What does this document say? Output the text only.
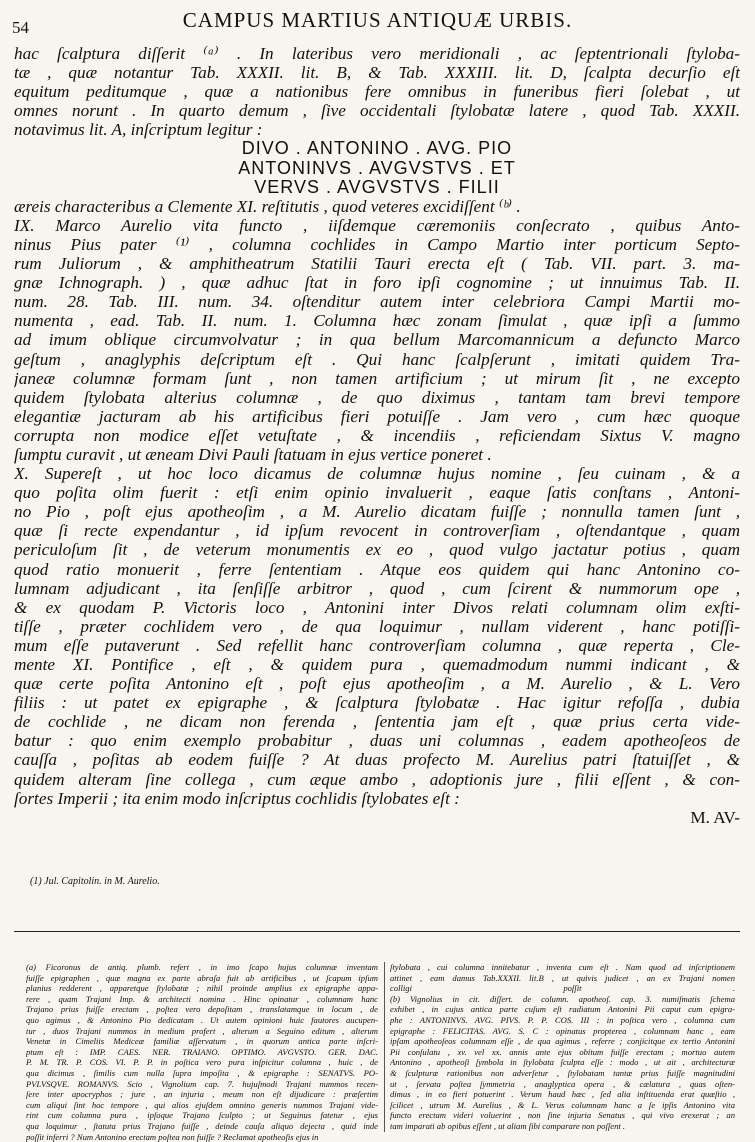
54	CAMPUS MARTIUS ANTIQUÆ URBIS.
hac ſcalptura diſſerit ⁽ᵃ⁾ . In lateribus vero meridionali , ac ſeptentrionali ſtyloba-
tæ , quæ notantur Tab. XXXII. lit. B, & Tab. XXXIII. lit. D, ſcalpta decurſio eſt
equitum peditumque , quæ a nationibus fere omnibus in funeribus fieri ſolebat , ut
omnes norunt . In quarto demum , ſive occidentali ſtylobatæ latere , quod Tab. XXXII.
notavimus lit. A, inſcriptum legitur :
DIVO . ANTONINO . AVG. PIO
ANTONINVS . AVGVSTVS . ET
VERVS . AVGVSTVS . FILII
æreis characteribus a Clemente XI. reſtitutis , quod veteres excidiſſent ⁽ᵇ⁾ .
IX. Marco Aurelio vita functo , iiſdemque cæremoniis conſecrato , quibus Anto-
ninus Pius pater ⁽¹⁾ , columna cochlides in Campo Martio inter porticum Septo-
rum Juliorum , & amphitheatrum Statilii Tauri erecta eſt ( Tab. VII. part. 3. ma-
gnæ Ichnograph. ) , quæ adhuc ſtat in foro ipſi cognomine ; ut innuimus Tab. II.
num. 28. Tab. III. num. 34. oſtenditur autem inter celebriora Campi Martii mo-
numenta , ead. Tab. II. num. 1. Columna hæc zonam ſimulat , quæ ipſi a ſummo
ad imum oblique circumvolvatur ; in qua bellum Marcomannicum a defuncto Marco
geſtum , anaglyphis deſcriptum eſt . Qui hanc ſcalpſerunt , imitati quidem Tra-
janeæ columnæ formam ſunt , non tamen artificium ; ut mirum ſit , ne excepto
quidem ſtylobata alterius columnæ , de quo diximus , tantam tam brevi tempore
elegantiæ jacturam ab his artificibus fieri potuiſſe . Jam vero , cum hæc quoque
corrupta non modice eſſet vetuſtate , & incendiis , reficiendam Sixtus V. magno
ſumptu curavit , ut æneam Divi Pauli ſtatuam in ejus vertice poneret .
X. Supereſt , ut hoc loco dicamus de columnæ hujus nomine , ſeu cuinam , & a
quo poſita olim fuerit : etſi enim opinio invaluerit , eaque ſatis conſtans , Antoni-
no Pio , poſt ejus apotheoſim , a M. Aurelio dicatam fuiſſe ; nonnulla tamen ſunt ,
quæ ſi recte expendantur , id ipſum revocent in controverſiam , oſtendantque , quam
periculoſum ſit , de veterum monumentis ex eo , quod vulgo jactatur potius , quam
quod ratio monuerit , ferre ſententiam . Atque eos quidem qui hanc Antonino co-
lumnam adjudicant , ita ſenſiſſe arbitror , quod , cum ſcirent & nummorum ope ,
& ex quodam P. Victoris loco , Antonini inter Divos relati columnam olim exſti-
tiſſe , præter cochlidem vero , de qua loquimur , nullam viderent , hanc potiſſi-
mum eſſe putaverunt . Sed refellit hanc controverſiam columna , quæ reperta , Cle-
mente XI. Pontifice , eſt , & quidem pura , quemadmodum nummi indicant , &
quæ certe poſita Antonino eſt , poſt ejus apotheoſim , a M. Aurelio , & L. Vero
filiis : ut patet ex epigraphe , & ſcalptura ſtylobatæ . Hac igitur refoſſa , dubia
de cochlide , ne dicam non ferenda , ſententia jam eſt , quæ prius certa vide-
batur : quo enim exemplo probabitur , duas uni columnas , eadem apotheoſeos de
cauſſa , poſitas ab eodem fuiſſe ? At duas profecto M. Aurelius patri ſtatuiſſet , &
quidem alteram ſine collega , cum æque ambo , adoptionis jure , filii eſſent , & con-
ſortes Imperii ; ita enim modo inſcriptus cochlidis ſtylobates eſt :
M. AV-
(1) Jul. Capitolin. in M. Aurelio.
(a) Ficoronus de antiq. plumb. refert , in imo ſcapo hujus columnæ inventam
fuiſſe epigraphen , quæ magna ex parte abraſa fuit ab artificibus , ut ſcapum ipſum
planius redderent , apparetque ſtylobatæ ; nihil proinde amplius ex epigraphe appa-
rere , quam Trajani Imp. & architecti nomina . Hinc opinatur , columnam hanc
Trajano prius fuiſſe erectam , poſtea vero depoſitam , translatamque in locum , de
quo agimus , & Antonino Pio dedicatam . Ut autem opinioni huic fautores aucupen-
tur , duos Trajani nummos in medium profert , alterum a Seguino editum , alterum
Venetæ in Cimeliis Mediceæ familiæ aſſervatum , in quorum antica parte inſcri-
ptum eſt : IMP. CAES. NER. TRAIANO. OPTIMO. AVGVSTO. GER. DAC.
P. M. TR. P. COS. VI. P. P. in poſtica vero pura inſpicitur columna , huic , de
qua dicimus , ſimilis cum nulla ſupra impoſita , & epigraphe : SENATVS. PO-
PVLVSQVE. ROMANVS. Scio , Vignolium cap. 7. hujuſmodi Trajani nummos recen-
ſere inter apocryphos ; jure , an injuria , meum non eſt dijudicare : præſertim
cum aliqui ſint hoc tempore , qui alios ejuſdem omnino generis nummos Trajani vide-
rint cum columna pura , ipſoque Trajano ſculpto ; ut Seguinus fatetur , ejus
qua loquimur , ſtatuta prius Trajano fuiſſe , deinde cauſa aliquo dejecta , quid inde
poſſit inferri ? Num Antonino erectam poſtea non fuiſſe ? Reclamat apotheoſis ejus in
ſtylobata , cui columna innitebatur , inventa cum eſt . Nam quod ad inſcriptionem
attinet , eam damus Tab.XXXII. lit.B , ut quivis judicet , an ex Trajani nomen
colligi poſſit .
(b) Vignolius in cit. diſſert. de column. apotheoſ. cap. 3. numiſmatis ſchema
exhibet , in cujus antica parte cuſum eſt radiatum Antonini Pii caput cum epigra-
phe : ANTONINVS. AVG. PIVS. P. P. COS. III : in poſtica vero , columna cum
epigraphe : FELICITAS. AVG. S. C : opinatus propterea , columnam hanc , eam
ipſam apotheoſeos columnam eſſe , de qua agimus , referre ; conjicitque ex tertio Antonini
Pii conſulatu , xv. vel xx. annis ante ejus obitum fuiſſe erectam ; mortuo autem
Antonino , apotheoſi ſymbola in ſtylobata ſculpta eſſe : modo , ut ait , architecturæ
& ſculpturæ rationibus non adverſetur , ſtylobatam tantæ prius fuiſſe magnitudini
ut , ſervata poſtea ſymmetria , anaglyptica opera , & cælatura , quas oſten-
dimus , in eo fieri potuerint . Verum haud hæc , ſed alia inſtituenda erat quæſtio ,
ſcilicet , utrum M. Aurelius , & L. Verus columnam hanc a ſe ipſis Antonino vita
functo erectam videri voluerint , non ſine injuria Senatus , qui vivo erexerat ; an
tam imparati ab opibus eſſent , ut aliam ſibi comparare non poſſent .
